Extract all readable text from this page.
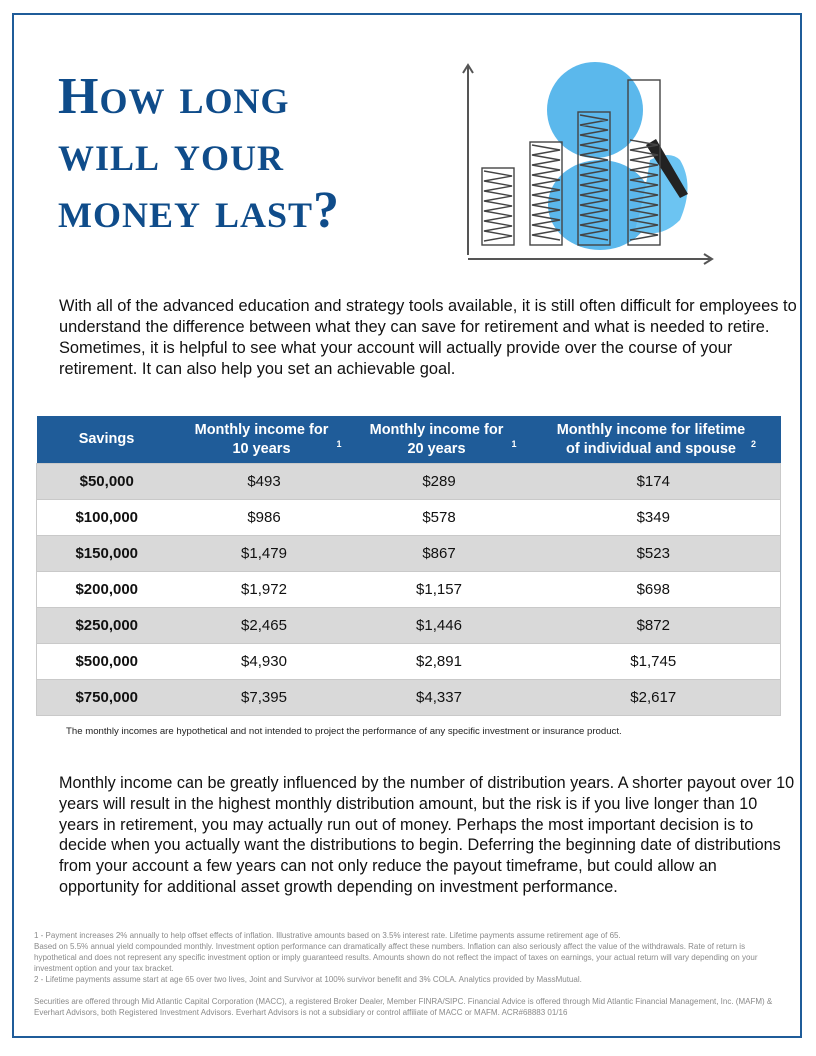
How long
will your
money last?
With all of the advanced education and strategy tools available, it is still often difficult for employees to understand the difference between what they can save for retirement and what is needed to retire. Sometimes, it is helpful to see what your account will actually provide over the course of your retirement. It can also help you set an achievable goal.
Savings	Monthly income for 10 years $^1$	Monthly income for 20 years $^1$	Monthly income for lifetime of individual and spouse $^2$
$50,000	$493	$289	$174
$100,000	$986	$578	$349
$150,000	$1,479	$867	$523
$200,000	$1,972	$1,157	$698
$250,000	$2,465	$1,446	$872
$500,000	$4,930	$2,891	$1,745
$750,000	$7,395	$4,337	$2,617
The monthly incomes are hypothetical and not intended to project the performance of any specific investment or insurance product.
Monthly income can be greatly influenced by the number of distribution years. A shorter payout over 10 years will result in the highest monthly distribution amount, but the risk is if you live longer than 10 years in retirement, you may actually run out of money. Perhaps the most important decision is to decide when you actually want the distributions to begin. Deferring the beginning date of distributions from your account a few years can not only reduce the payout timeframe, but could allow an opportunity for additional asset growth depending on investment performance.
1 - Payment increases 2% annually to help offset effects of inflation. Illustrative amounts based on 3.5% interest rate. Lifetime payments assume retirement age of 65.
Based on 5.5% annual yield compounded monthly. Investment option performance can dramatically affect these numbers. Inflation can also seriously affect the value of the withdrawals. Rate of return is hypothetical and does not represent any specific investment option or imply guaranteed results. Amounts shown do not reflect the impact of taxes on earnings, your actual return will vary depending on your investment option and your tax bracket.
2 - Lifetime payments assume start at age 65 over two lives, Joint and Survivor at 100% survivor benefit and 3% COLA. Analytics provided by MassMutual.
Securities are offered through Mid Atlantic Capital Corporation (MACC), a registered Broker Dealer, Member FINRA/SIPC. Financial Advice is offered through Mid Atlantic Financial Management, Inc. (MAFM) & Everhart Advisors, both Registered Investment Advisors. Everhart Advisors is not a subsidiary or control affiliate of MACC or MAFM. ACR#68883 01/16
